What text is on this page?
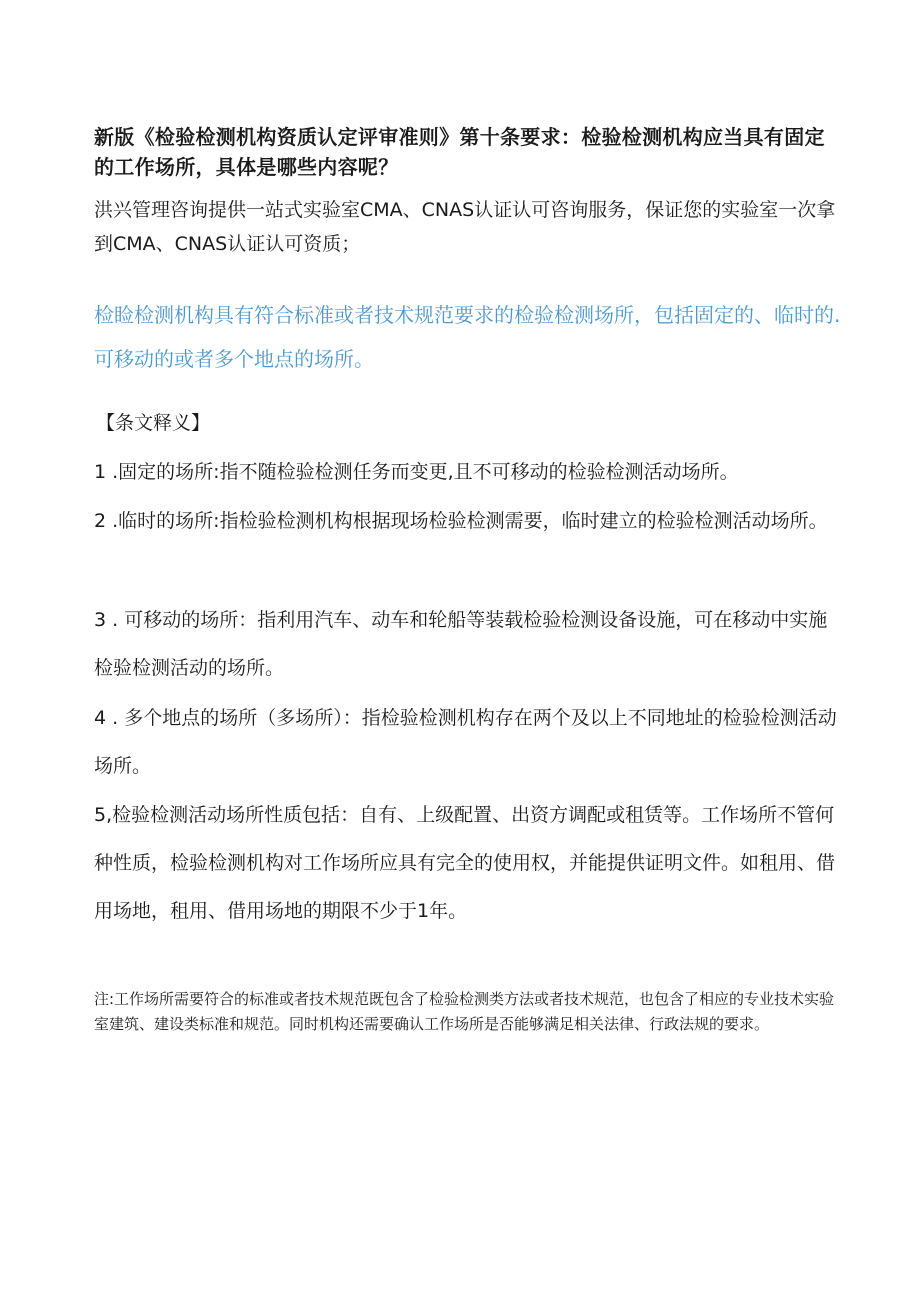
新版《检验检测机构资质认定评审准则》第十条要求：检验检测机构应当具有固定的工作场所，具体是哪些内容呢？

洪兴管理咨询提供一站式实验室CMA、CNAS认证认可咨询服务，保证您的实验室一次拿到CMA、CNAS认证认可资质；

检睑检测机构具有符合标准或者技术规范要求的检验检测场所，包括固定的、临时的.可移动的或者多个地点的场所。

【条文释义】

1 .固定的场所:指不随检验检测任务而变更,且不可移动的检验检测活动场所。

2 .临时的场所:指检验检测机构根据现场检验检测需要，临时建立的检验检测活动场所。

3 . 可移动的场所：指利用汽车、动车和轮船等装载检验检测设备设施，可在移动中实施检验检测活动的场所。

4 . 多个地点的场所（多场所）：指检验检测机构存在两个及以上不同地址的检验检测活动场所。

5,检验检测活动场所性质包括：自有、上级配置、出资方调配或租赁等。工作场所不管何种性质，检验检测机构对工作场所应具有完全的使用权，并能提供证明文件。如租用、借用场地，租用、借用场地的期限不少于1年。

注:工作场所需要符合的标准或者技术规范既包含了检验检测类方法或者技术规范，也包含了相应的专业技术实验室建筑、建设类标准和规范。同时机构还需要确认工作场所是否能够满足相关法律、行政法规的要求。
